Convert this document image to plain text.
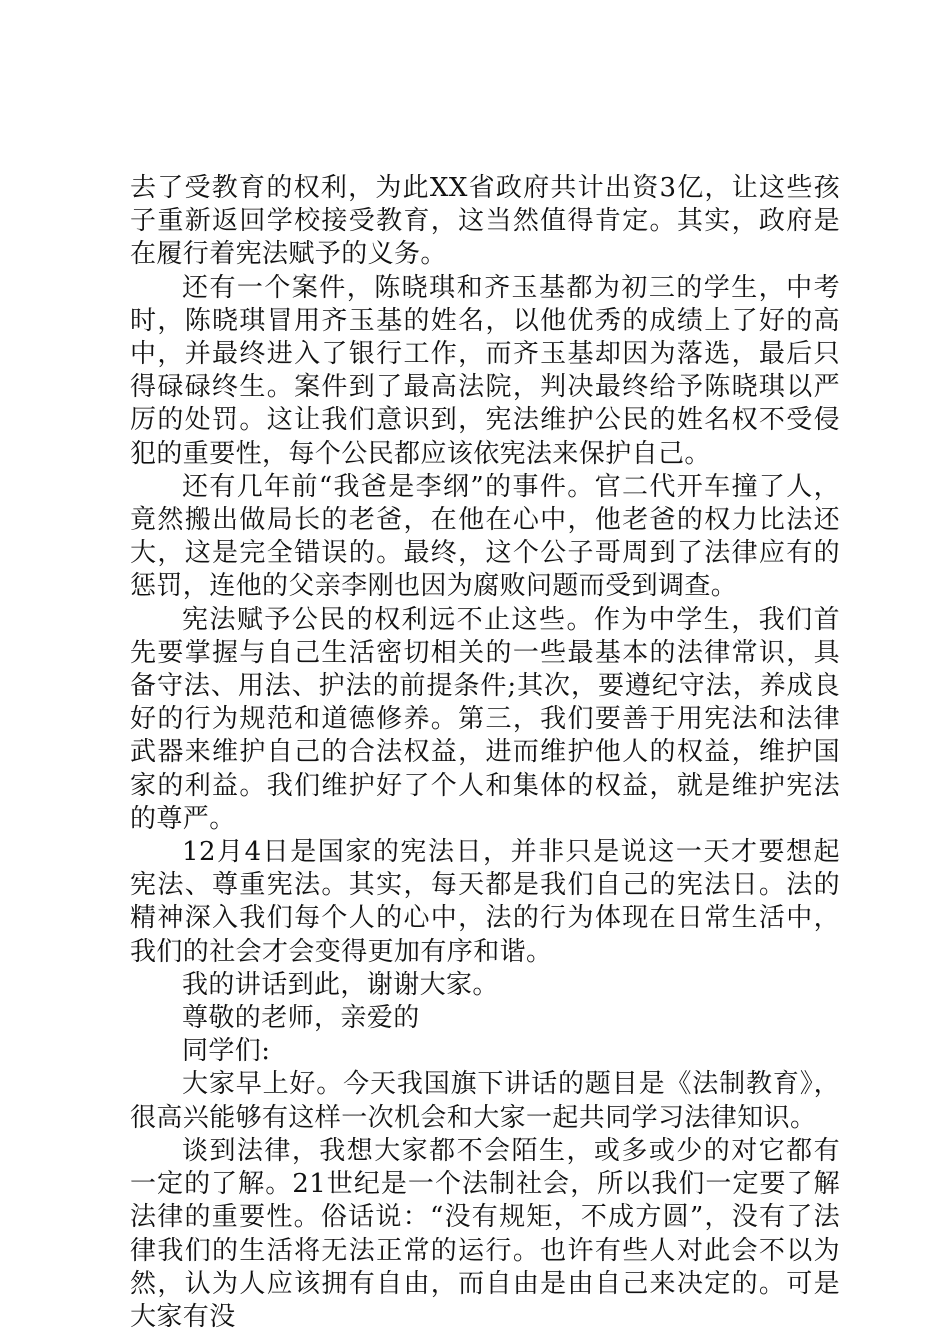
去了受教育的权利，为此XX省政府共计出资3亿，让这些孩子重新返回学校接受教育，这当然值得肯定。其实，政府是在履行着宪法赋予的义务。

还有一个案件，陈晓琪和齐玉基都为初三的学生，中考时，陈晓琪冒用齐玉基的姓名，以他优秀的成绩上了好的高中，并最终进入了银行工作，而齐玉基却因为落选，最后只得碌碌终生。案件到了最高法院，判决最终给予陈晓琪以严厉的处罚。这让我们意识到，宪法维护公民的姓名权不受侵犯的重要性，每个公民都应该依宪法来保护自己。

还有几年前“我爸是李纲”的事件。官二代开车撞了人，竟然搬出做局长的老爸，在他在心中，他老爸的权力比法还大，这是完全错误的。最终，这个公子哥周到了法律应有的惩罚，连他的父亲李刚也因为腐败问题而受到调查。

宪法赋予公民的权利远不止这些。作为中学生，我们首先要掌握与自己生活密切相关的一些最基本的法律常识，具备守法、用法、护法的前提条件;其次，要遵纪守法，养成良好的行为规范和道德修养。第三，我们要善于用宪法和法律武器来维护自己的合法权益，进而维护他人的权益，维护国家的利益。我们维护好了个人和集体的权益，就是维护宪法的尊严。

12月4日是国家的宪法日，并非只是说这一天才要想起宪法、尊重宪法。其实，每天都是我们自己的宪法日。法的精神深入我们每个人的心中，法的行为体现在日常生活中，我们的社会才会变得更加有序和谐。

我的讲话到此，谢谢大家。

尊敬的老师，亲爱的

同学们:

大家早上好。今天我国旗下讲话的题目是《法制教育》，很高兴能够有这样一次机会和大家一起共同学习法律知识。

谈到法律，我想大家都不会陌生，或多或少的对它都有一定的了解。21世纪是一个法制社会，所以我们一定要了解法律的重要性。俗话说：“没有规矩，不成方圆”，没有了法律我们的生活将无法正常的运行。也许有些人对此会不以为然，认为人应该拥有自由，而自由是由自己来决定的。可是大家有没
